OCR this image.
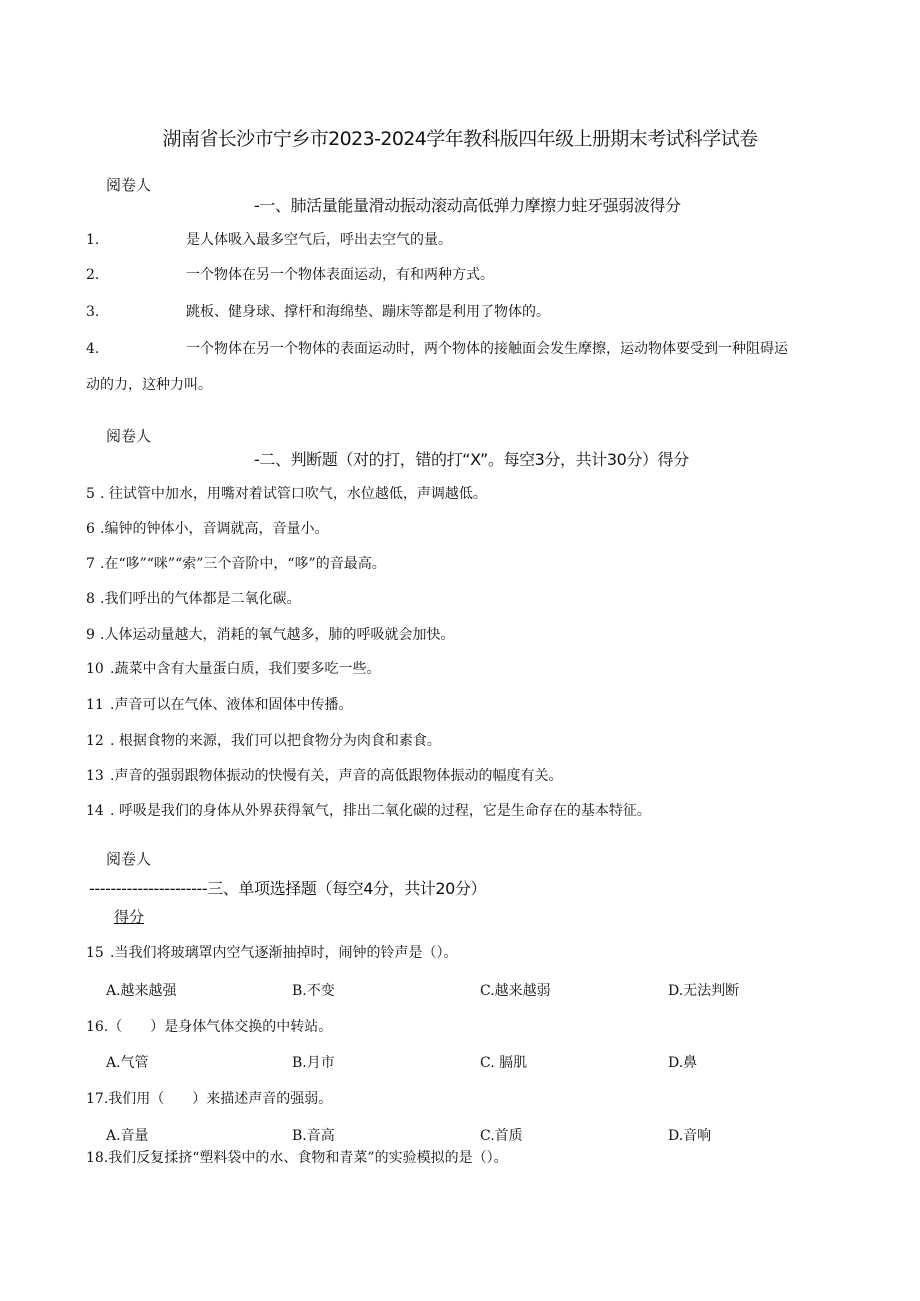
湖南省长沙市宁乡市2023-2024学年教科版四年级上册期末考试科学试卷
阅卷人
-一、肺活量能量滑动振动滚动高低弹力摩擦力蛀牙强弱波得分
1.	是人体吸入最多空气后，呼出去空气的量。
2.	一个物体在另一个物体表面运动，有和两种方式。
3.	跳板、健身球、撑杆和海绵垫、蹦床等都是利用了物体的。
4.	一个物体在另一个物体的表面运动时，两个物体的接触面会发生摩擦，运动物体要受到一种阻碍运
动的力，这种力叫。
阅卷人
-二、判断题（对的打，错的打“X”。每空3分，共计30分）得分
5 . 往试管中加水，用嘴对着试管口吹气，水位越低，声调越低。
6 .编钟的钟体小，音调就高，音量小。
7 .在“哆”“咪”“索”三个音阶中，“哆”的音最高。
8 .我们呼出的气体都是二氧化碳。
9 .人体运动量越大，消耗的氧气越多，肺的呼吸就会加快。
10 .蔬菜中含有大量蛋白质，我们要多吃一些。
11 .声音可以在气体、液体和固体中传播。
12 . 根据食物的来源，我们可以把食物分为肉食和素食。
13 .声音的强弱跟物体振动的快慢有关，声音的高低跟物体振动的幅度有关。
14 . 呼吸是我们的身体从外界获得氧气，排出二氧化碳的过程，它是生命存在的基本特征。
阅卷人
----------------------三、单项选择题（每空4分，共计20分）
得分
15 .当我们将玻璃罩内空气逐渐抽掉时，闹钟的铃声是（）。
A.越来越强	B.不变	C.越来越弱	D.无法判断
16.（　　）是身体气体交换的中转站。
A.气管	B.月市	C. 膈肌	D.鼻
17.我们用（　　）来描述声音的强弱。
A.音量	B.音高	C.首质	D.音响
18.我们反复揉挤“塑料袋中的水、食物和青菜”的实验模拟的是（）。
